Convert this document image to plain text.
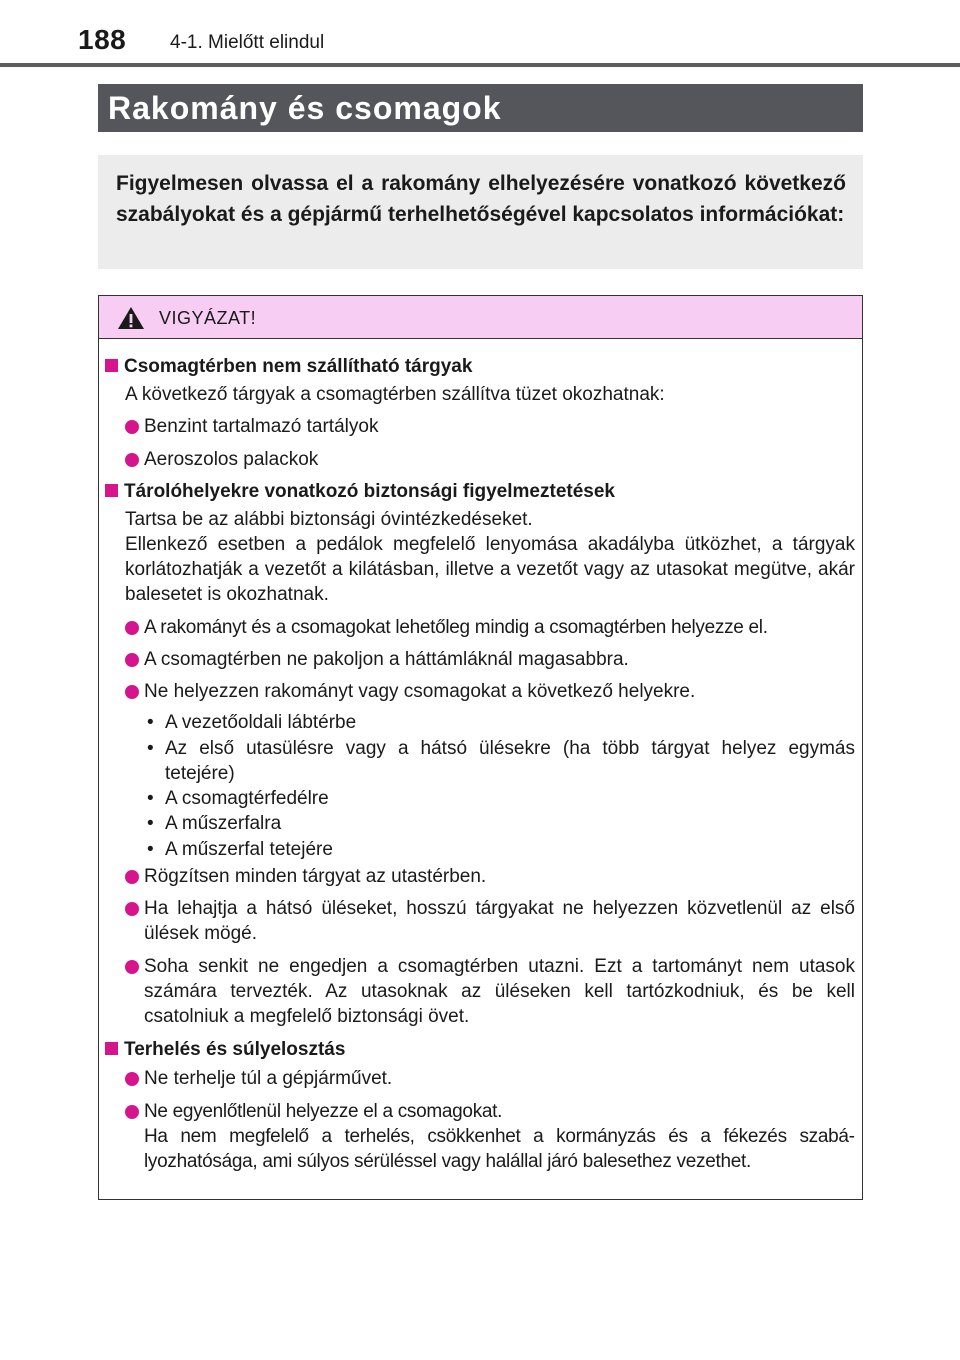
188 4-1. Mielőtt elindul
Rakomány és csomagok
Figyelmesen olvassa el a rakomány elhelyezésére vonatkozó következő szabályokat és a gépjármű terhelhetőségével kapcsolatos információkat:
VIGYÁZAT!
Csomagtérben nem szállítható tárgyak
A következő tárgyak a csomagtérben szállítva tüzet okozhatnak:
Benzint tartalmazó tartályok
Aeroszolos palackok
Tárolóhelyekre vonatkozó biztonsági figyelmeztetések
Tartsa be az alábbi biztonsági óvintézkedéseket.
Ellenkező esetben a pedálok megfelelő lenyomása akadályba ütközhet, a tárgyak korlátozhatják a vezetőt a kilátásban, illetve a vezetőt vagy az utasokat megütve, akár balesetet is okozhatnak.
A rakományt és a csomagokat lehetőleg mindig a csomagtérben helyezze el.
A csomagtérben ne pakoljon a háttámláknál magasabbra.
Ne helyezzen rakományt vagy csomagokat a következő helyekre.
• A vezetőoldali lábtérbe
• Az első utasülésre vagy a hátsó ülésekre (ha több tárgyat helyez egymás tetejére)
• A csomagtérfedélre
• A műszerfalra
• A műszerfal tetejére
Rögzítsen minden tárgyat az utastérben.
Ha lehajtja a hátsó üléseket, hosszú tárgyakat ne helyezzen közvetlenül az első ülések mögé.
Soha senkit ne engedjen a csomagtérben utazni. Ezt a tartományt nem utasok számára tervezték. Az utasoknak az üléseken kell tartózkodniuk, és be kell csatolniuk a megfelelő biztonsági övet.
Terhelés és súlyelosztás
Ne terhelje túl a gépjárművet.
Ne egyenlőtlenül helyezze el a csomagokat.
Ha nem megfelelő a terhelés, csökkenhet a kormányzás és a fékezés szabályozhatósága, ami súlyos sérüléssel vagy halállal járó balesethez vezethet.
